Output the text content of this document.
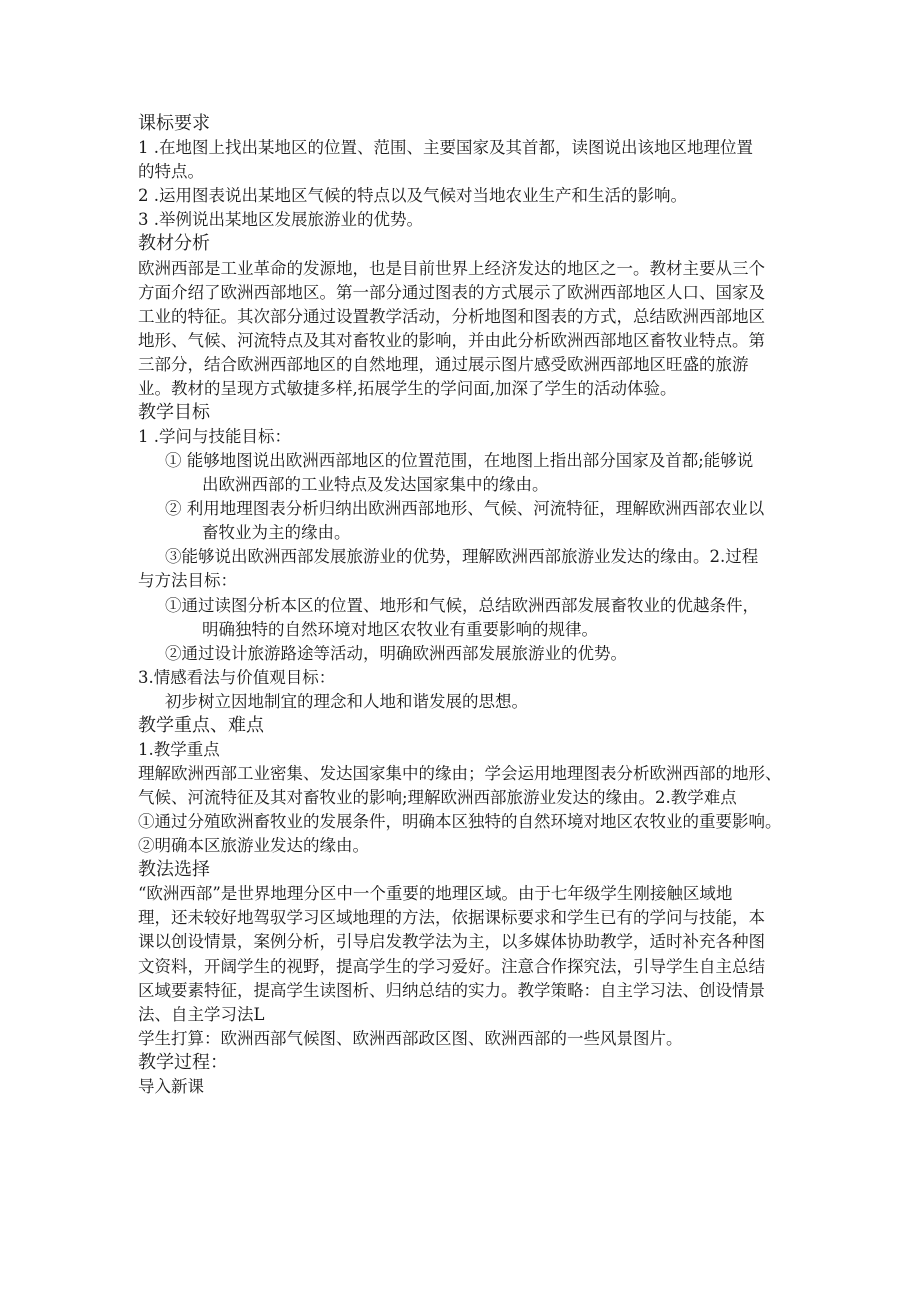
课标要求
1 .在地图上找出某地区的位置、范围、主要国家及其首都，读图说出该地区地理位置
的特点。
2 .运用图表说出某地区气候的特点以及气候对当地农业生产和生活的影响。
3 .举例说出某地区发展旅游业的优势。
教材分析
欧洲西部是工业革命的发源地，也是目前世界上经济发达的地区之一。教材主要从三个
方面介绍了欧洲西部地区。第一部分通过图表的方式展示了欧洲西部地区人口、国家及
工业的特征。其次部分通过设置教学活动，分析地图和图表的方式，总结欧洲西部地区
地形、气候、河流特点及其对畜牧业的影响，并由此分析欧洲西部地区畜牧业特点。第
三部分，结合欧洲西部地区的自然地理，通过展示图片感受欧洲西部地区旺盛的旅游
业。教材的呈现方式敏捷多样,拓展学生的学问面,加深了学生的活动体验。
教学目标
1 .学问与技能目标：
① 能够地图说出欧洲西部地区的位置范围，在地图上指出部分国家及首都;能够说
出欧洲西部的工业特点及发达国家集中的缘由。
② 利用地理图表分析归纳出欧洲西部地形、气候、河流特征，理解欧洲西部农业以
畜牧业为主的缘由。
③能够说出欧洲西部发展旅游业的优势，理解欧洲西部旅游业发达的缘由。2.过程
与方法目标：
①通过读图分析本区的位置、地形和气候，总结欧洲西部发展畜牧业的优越条件，
明确独特的自然环境对地区农牧业有重要影响的规律。
②通过设计旅游路途等活动，明确欧洲西部发展旅游业的优势。
3.情感看法与价值观目标：
初步树立因地制宜的理念和人地和谐发展的思想。
教学重点、难点
1.教学重点
理解欧洲西部工业密集、发达国家集中的缘由；学会运用地理图表分析欧洲西部的地形、
气候、河流特征及其对畜牧业的影响;理解欧洲西部旅游业发达的缘由。2.教学难点
①通过分殖欧洲畜牧业的发展条件，明确本区独特的自然环境对地区农牧业的重要影响。
②明确本区旅游业发达的缘由。
教法选择
“欧洲西部”是世界地理分区中一个重要的地理区域。由于七年级学生刚接触区域地
理，还未较好地驾驭学习区域地理的方法，依据课标要求和学生已有的学问与技能，本
课以创设情景，案例分析，引导启发教学法为主，以多媒体协助教学，适时补充各种图
文资料，开阔学生的视野，提高学生的学习爱好。注意合作探究法，引导学生自主总结
区域要素特征，提高学生读图析、归纳总结的实力。教学策略：自主学习法、创设情景
法、自主学习法L
学生打算：欧洲西部气候图、欧洲西部政区图、欧洲西部的一些风景图片。
教学过程：
导入新课
